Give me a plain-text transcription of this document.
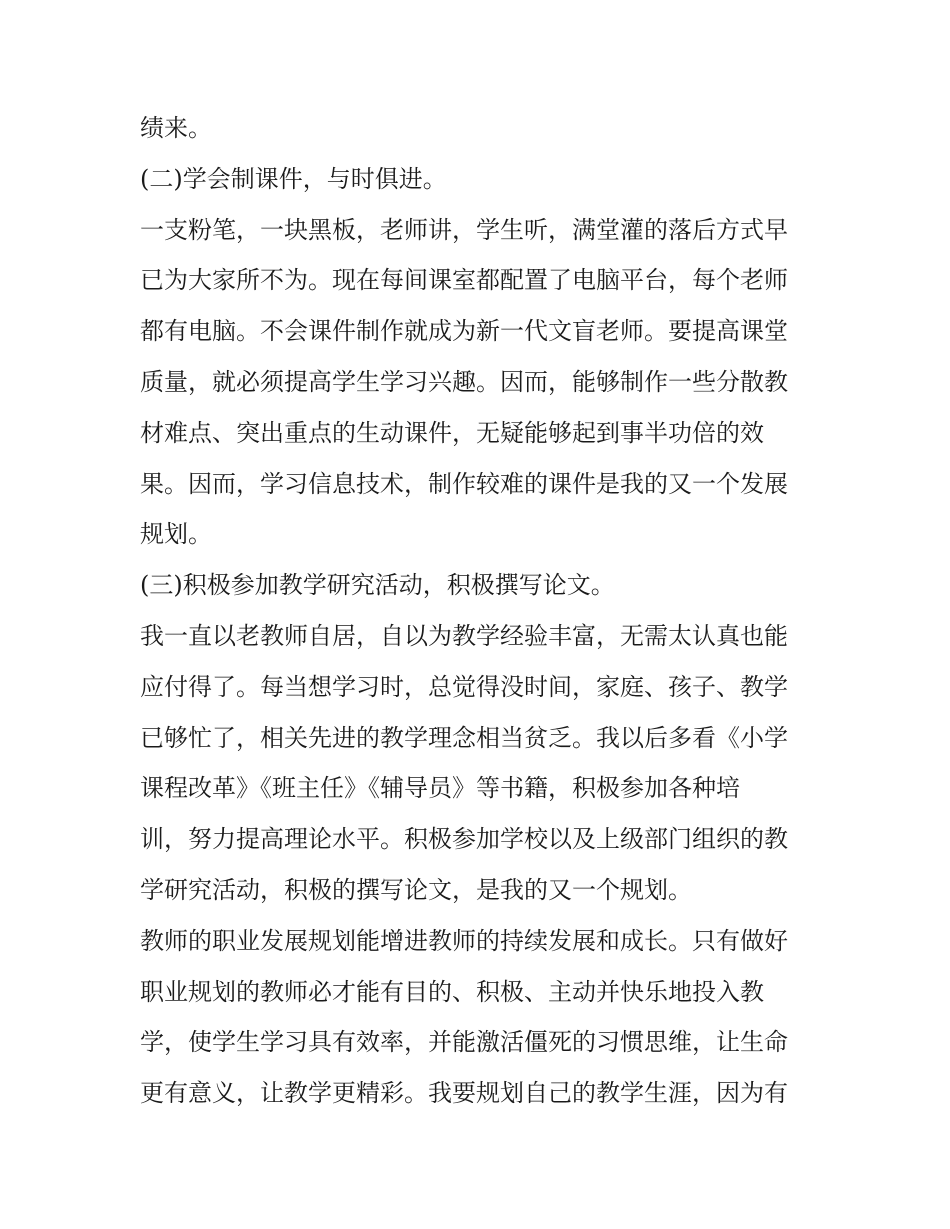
绩来。

(二)学会制课件，与时俱进。

一支粉笔，一块黑板，老师讲，学生听，满堂灌的落后方式早

已为大家所不为。现在每间课室都配置了电脑平台，每个老师

都有电脑。不会课件制作就成为新一代文盲老师。要提高课堂

质量，就必须提高学生学习兴趣。因而，能够制作一些分散教

材难点、突出重点的生动课件，无疑能够起到事半功倍的效

果。因而，学习信息技术，制作较难的课件是我的又一个发展

规划。

(三)积极参加教学研究活动，积极撰写论文。

我一直以老教师自居，自以为教学经验丰富，无需太认真也能

应付得了。每当想学习时，总觉得没时间，家庭、孩子、教学

已够忙了，相关先进的教学理念相当贫乏。我以后多看《小学

课程改革》《班主任》《辅导员》等书籍，积极参加各种培

训，努力提高理论水平。积极参加学校以及上级部门组织的教

学研究活动，积极的撰写论文，是我的又一个规划。

教师的职业发展规划能增进教师的持续发展和成长。只有做好

职业规划的教师必才能有目的、积极、主动并快乐地投入教

学，使学生学习具有效率，并能激活僵死的习惯思维，让生命

更有意义，让教学更精彩。我要规划自己的教学生涯，因为有
